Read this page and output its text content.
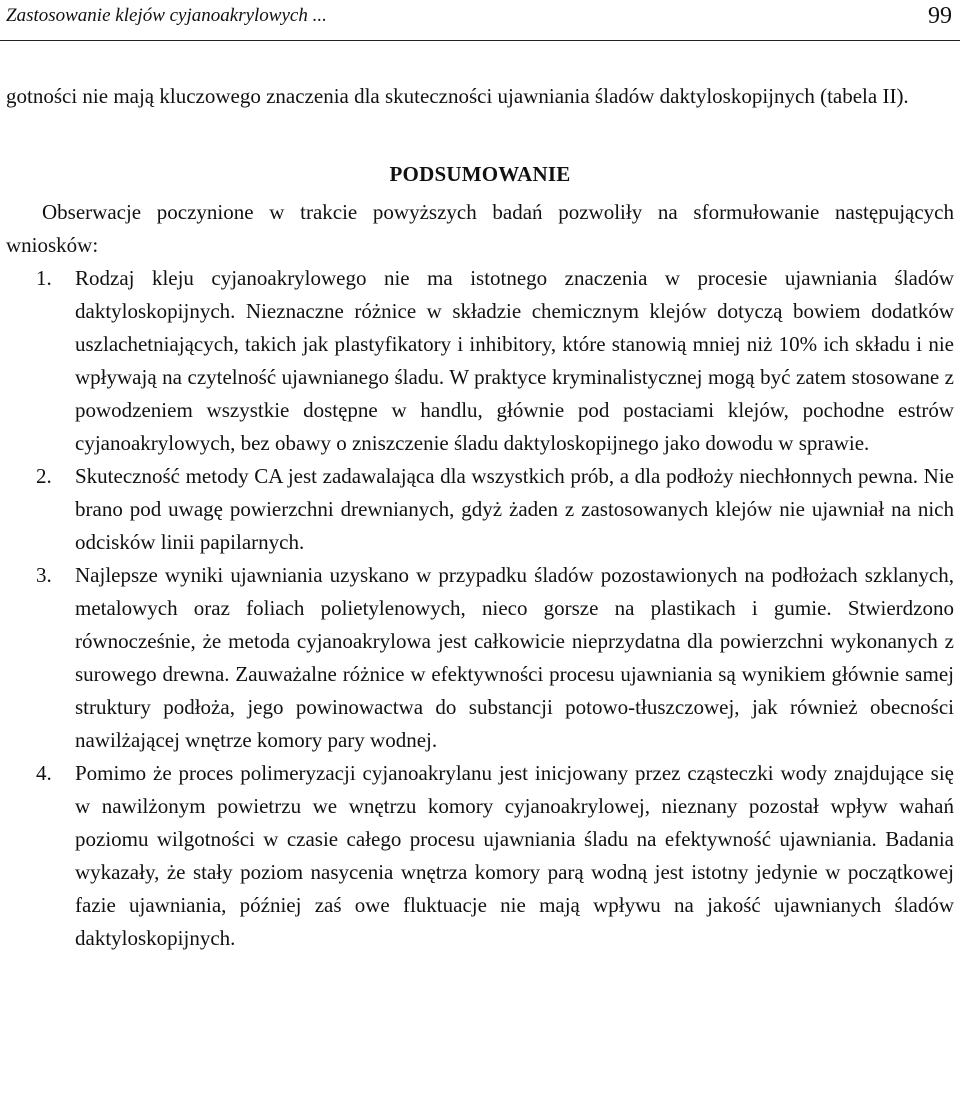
Zastosowanie klejów cyjanoakrylowych ...	99

gotności nie mają kluczowego znaczenia dla skuteczności ujawniania śladów daktyloskopijnych (tabela II).

PODSUMOWANIE

Obserwacje poczynione w trakcie powyższych badań pozwoliły na sformułowanie następujących wniosków:

1. Rodzaj kleju cyjanoakrylowego nie ma istotnego znaczenia w procesie ujawniania śladów daktyloskopijnych. Nieznaczne różnice w składzie chemicznym klejów dotyczą bowiem dodatków uszlachetniających, takich jak plastyfikatory i inhibitory, które stanowią mniej niż 10% ich składu i nie wpływają na czytelność ujawnianego śladu. W praktyce kryminalistycznej mogą być zatem stosowane z powodzeniem wszystkie dostępne w handlu, głównie pod postaciami klejów, pochodne estrów cyjanoakrylowych, bez obawy o zniszczenie śladu daktyloskopijnego jako dowodu w sprawie.
2. Skuteczność metody CA jest zadawalająca dla wszystkich prób, a dla podłoży niechłonnych pewna. Nie brano pod uwagę powierzchni drewnianych, gdyż żaden z zastosowanych klejów nie ujawniał na nich odcisków linii papilarnych.
3. Najlepsze wyniki ujawniania uzyskano w przypadku śladów pozostawionych na podłożach szklanych, metalowych oraz foliach polietylenowych, nieco gorsze na plastikach i gumie. Stwierdzono równocześnie, że metoda cyjanoakrylowa jest całkowicie nieprzydatna dla powierzchni wykonanych z surowego drewna. Zauważalne różnice w efektywności procesu ujawniania są wynikiem głównie samej struktury podłoża, jego powinowactwa do substancji potowo-tłuszczowej, jak również obecności nawilżającej wnętrze komory pary wodnej.
4. Pomimo że proces polimeryzacji cyjanoakrylanu jest inicjowany przez cząsteczki wody znajdujące się w nawilżonym powietrzu we wnętrzu komory cyjanoakrylowej, nieznany pozostał wpływ wahań poziomu wilgotności w czasie całego procesu ujawniania śladu na efektywność ujawniania. Badania wykazały, że stały poziom nasycenia wnętrza komory parą wodną jest istotny jedynie w początkowej fazie ujawniania, później zaś owe fluktuacje nie mają wpływu na jakość ujawnianych śladów daktyloskopijnych.
